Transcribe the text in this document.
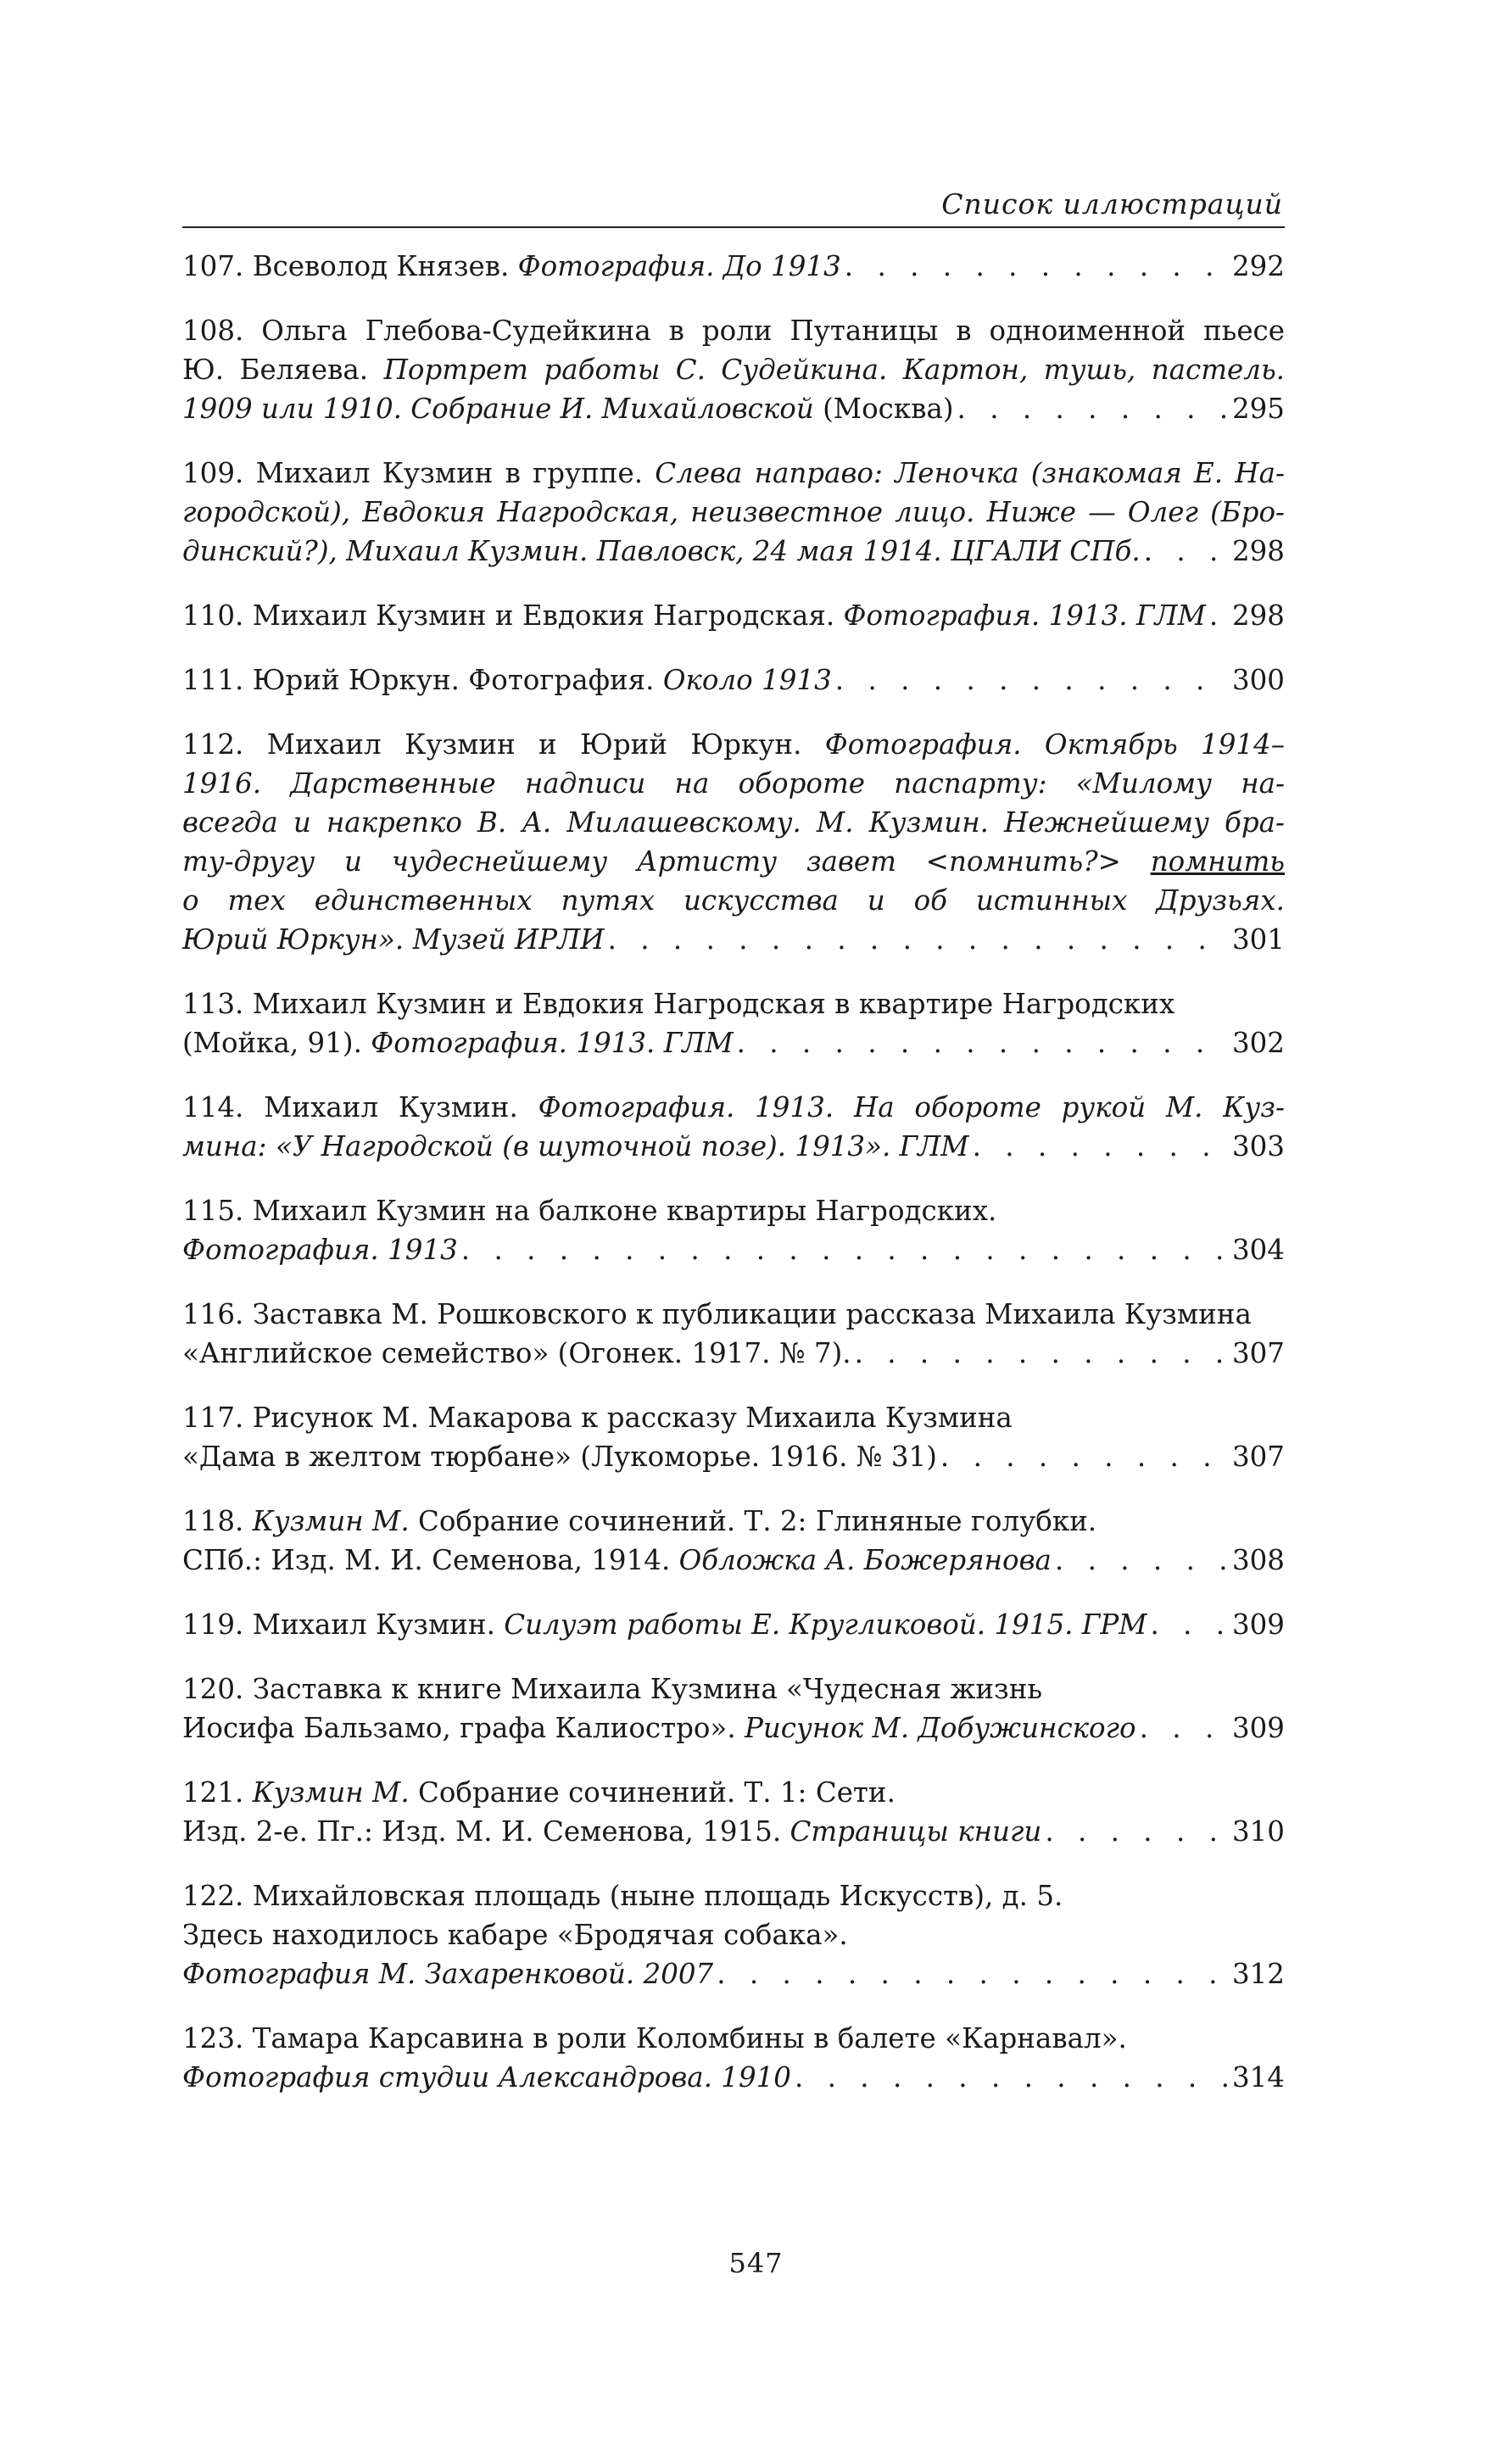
Список иллюстраций
107. Всеволод Князев. Фотография. До 1913 . . .	292
108. Ольга Глебова-Судейкина в роли Путаницы в одноименной пьесе
Ю. Беляева. Портрет работы С. Судейкина. Картон, тушь, пастель.
1909 или 1910. Собрание И. Михайловской (Москва) . . .	295
109. Михаил Кузмин в группе. Слева направо: Леночка (знакомая Е. На-
городской), Евдокия Нагродская, неизвестное лицо. Ниже — Олег (Бро-
динский?), Михаил Кузмин. Павловск, 24 мая 1914. ЦГАЛИ СПб. . . .	298
110. Михаил Кузмин и Евдокия Нагродская. Фотография. 1913. ГЛМ . . . 298
111. Юрий Юркун. Фотография. Около 1913 . . .	300
112. Михаил Кузмин и Юрий Юркун. Фотография. Октябрь 1914–
1916. Дарственные надписи на обороте паспарту: «Милому на-
всегда и накрепко В. А. Милашевскому. М. Кузмин. Нежнейшему бра-
ту-другу и чудеснейшему Артисту завет <помнить?> помнить
о тех единственных путях искусства и об истинных Друзьях.
Юрий Юркун». Музей ИРЛИ . . .	301
113. Михаил Кузмин и Евдокия Нагродская в квартире Нагродских
(Мойка, 91). Фотография. 1913. ГЛМ . . .	302
114. Михаил Кузмин. Фотография. 1913. На обороте рукой М. Куз-
мина: «У Нагродской (в шуточной позе). 1913». ГЛМ . . .	303
115. Михаил Кузмин на балконе квартиры Нагродских.
Фотография. 1913 . . .	304
116. Заставка М. Рошковского к публикации рассказа Михаила Кузмина
«Английское семейство» (Огонек. 1917. № 7). . . .	307
117. Рисунок М. Макарова к рассказу Михаила Кузмина
«Дама в желтом тюрбане» (Лукоморье. 1916. № 31) . . .	307
118. Кузмин М. Собрание сочинений. Т. 2: Глиняные голубки.
СПб.: Изд. М. И. Семенова, 1914. Обложка А. Божерянова . . .	308
119. Михаил Кузмин. Силуэт работы Е. Кругликовой. 1915. ГРМ . . .	309
120. Заставка к книге Михаила Кузмина «Чудесная жизнь
Иосифа Бальзамо, графа Калиостро». Рисунок М. Добужинского . . .	309
121. Кузмин М. Собрание сочинений. Т. 1: Сети.
Изд. 2-е. Пг.: Изд. М. И. Семенова, 1915. Страницы книги . . .	310
122. Михайловская площадь (ныне площадь Искусств), д. 5.
Здесь находилось кабаре «Бродячая собака».
Фотография М. Захаренковой. 2007 . . .	312
123. Тамара Карсавина в роли Коломбины в балете «Карнавал».
Фотография студии Александрова. 1910 . . .	314
547
